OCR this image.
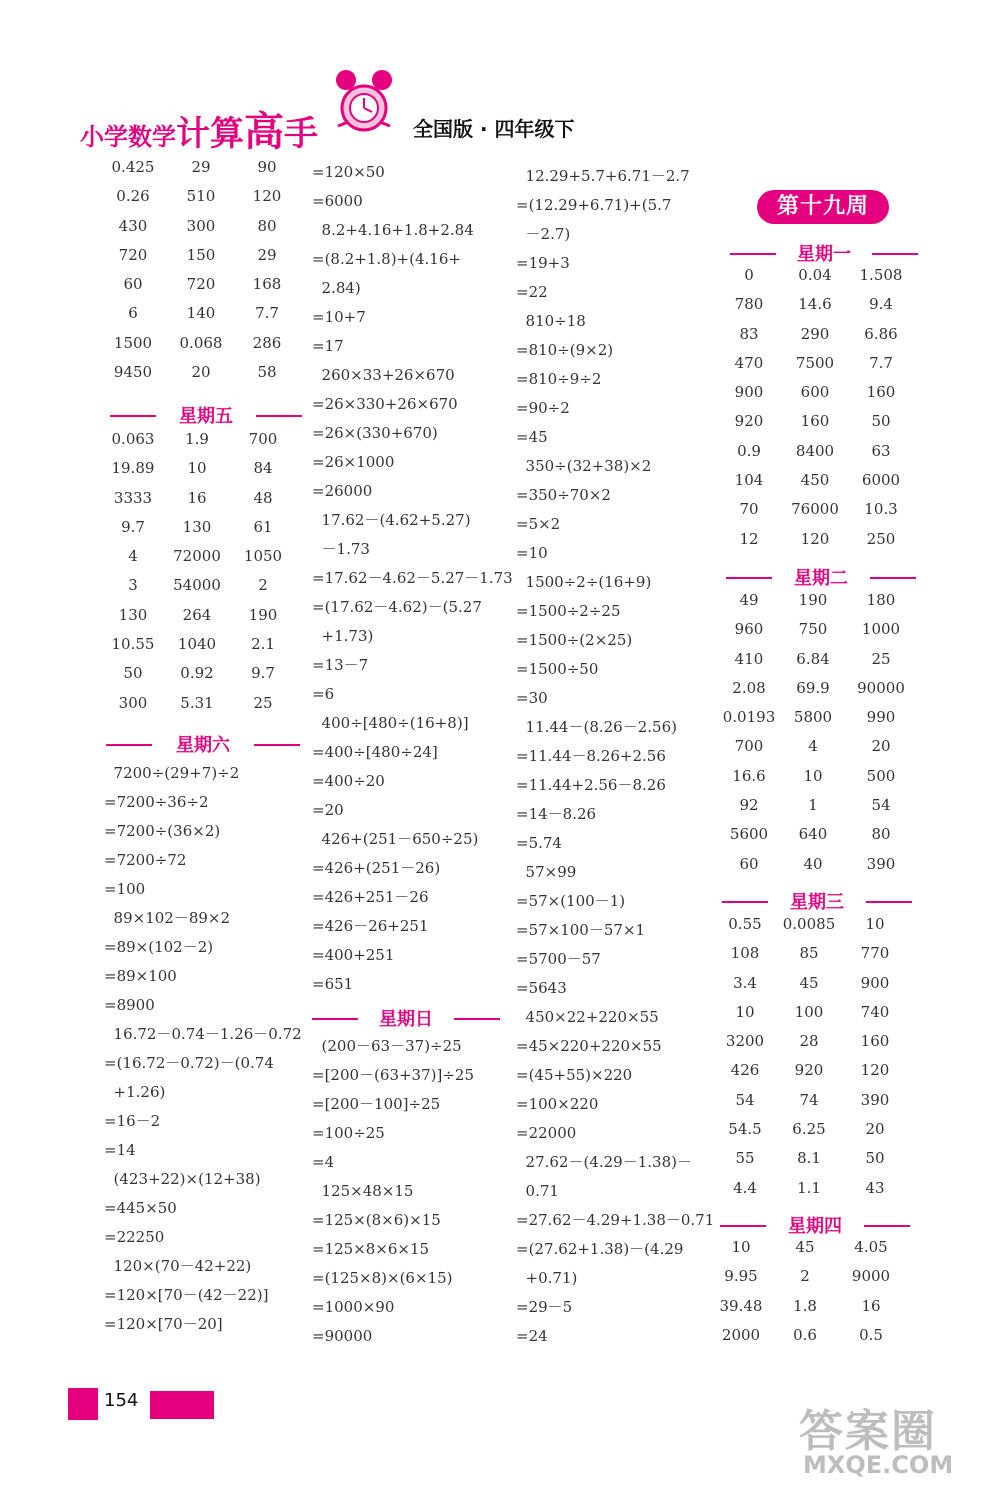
小学数学计算高手	全国版 · 四年级下
0.425	29	90
0.26	510	120
430	300	80
720	150	29
60	720	168
6	140	7.7
1500	0.068	286
9450	20	58
星期五
0.063	1.9	700
19.89	10	84
3333	16	48
9.7	130	61
4	72000	1050
3	54000	2
130	264	190
10.55	1040	2.1
50	0.92	9.7
300	5.31	25
星期六
7200÷(29+7)÷2
=7200÷36÷2
=7200÷(36×2)
=7200÷72
=100
89×102－89×2
=89×(102－2)
=89×100
=8900
16.72－0.74－1.26－0.72
=(16.72－0.72)－(0.74
+1.26)
=16－2
=14
(423+22)×(12+38)
=445×50
=22250
120×(70－42+22)
=120×[70－(42－22)]
=120×[70－20]
=120×50
=6000
8.2+4.16+1.8+2.84
=(8.2+1.8)+(4.16+
2.84)
=10+7
=17
260×33+26×670
=26×330+26×670
=26×(330+670)
=26×1000
=26000
17.62－(4.62+5.27)
－1.73
=17.62－4.62－5.27－1.73
=(17.62－4.62)－(5.27
+1.73)
=13－7
=6
400÷[480÷(16+8)]
=400÷[480÷24]
=400÷20
=20
426+(251－650÷25)
=426+(251－26)
=426+251－26
=426－26+251
=400+251
=651
星期日
(200－63－37)÷25
=[200－(63+37)]÷25
=[200－100]÷25
=100÷25
=4
125×48×15
=125×(8×6)×15
=125×8×6×15
=(125×8)×(6×15)
=1000×90
=90000
12.29+5.7+6.71－2.7
=(12.29+6.71)+(5.7
－2.7)
=19+3
=22
810÷18
=810÷(9×2)
=810÷9÷2
=90÷2
=45
350÷(32+38)×2
=350÷70×2
=5×2
=10
1500÷2÷(16+9)
=1500÷2÷25
=1500÷(2×25)
=1500÷50
=30
11.44－(8.26－2.56)
=11.44－8.26+2.56
=11.44+2.56－8.26
=14－8.26
=5.74
57×99
=57×(100－1)
=57×100－57×1
=5700－57
=5643
450×22+220×55
=45×220+220×55
=(45+55)×220
=100×220
=22000
27.62－(4.29－1.38)－
0.71
=27.62－4.29+1.38－0.71
=(27.62+1.38)－(4.29
+0.71)
=29－5
=24
第十九周
星期一
0	0.04	1.508
780	14.6	9.4
83	290	6.86
470	7500	7.7
900	600	160
920	160	50
0.9	8400	63
104	450	6000
70	76000	10.3
12	120	250
星期二
49	190	180
960	750	1000
410	6.84	25
2.08	69.9	90000
0.0193	5800	990
700	4	20
16.6	10	500
92	1	54
5600	640	80
60	40	390
星期三
0.55	0.0085	10
108	85	770
3.4	45	900
10	100	740
3200	28	160
426	920	120
54	74	390
54.5	6.25	20
55	8.1	50
4.4	1.1	43
星期四
10	45	4.05
9.95	2	9000
39.48	1.8	16
2000	0.6	0.5
154
答案圈
MXQE.COM
